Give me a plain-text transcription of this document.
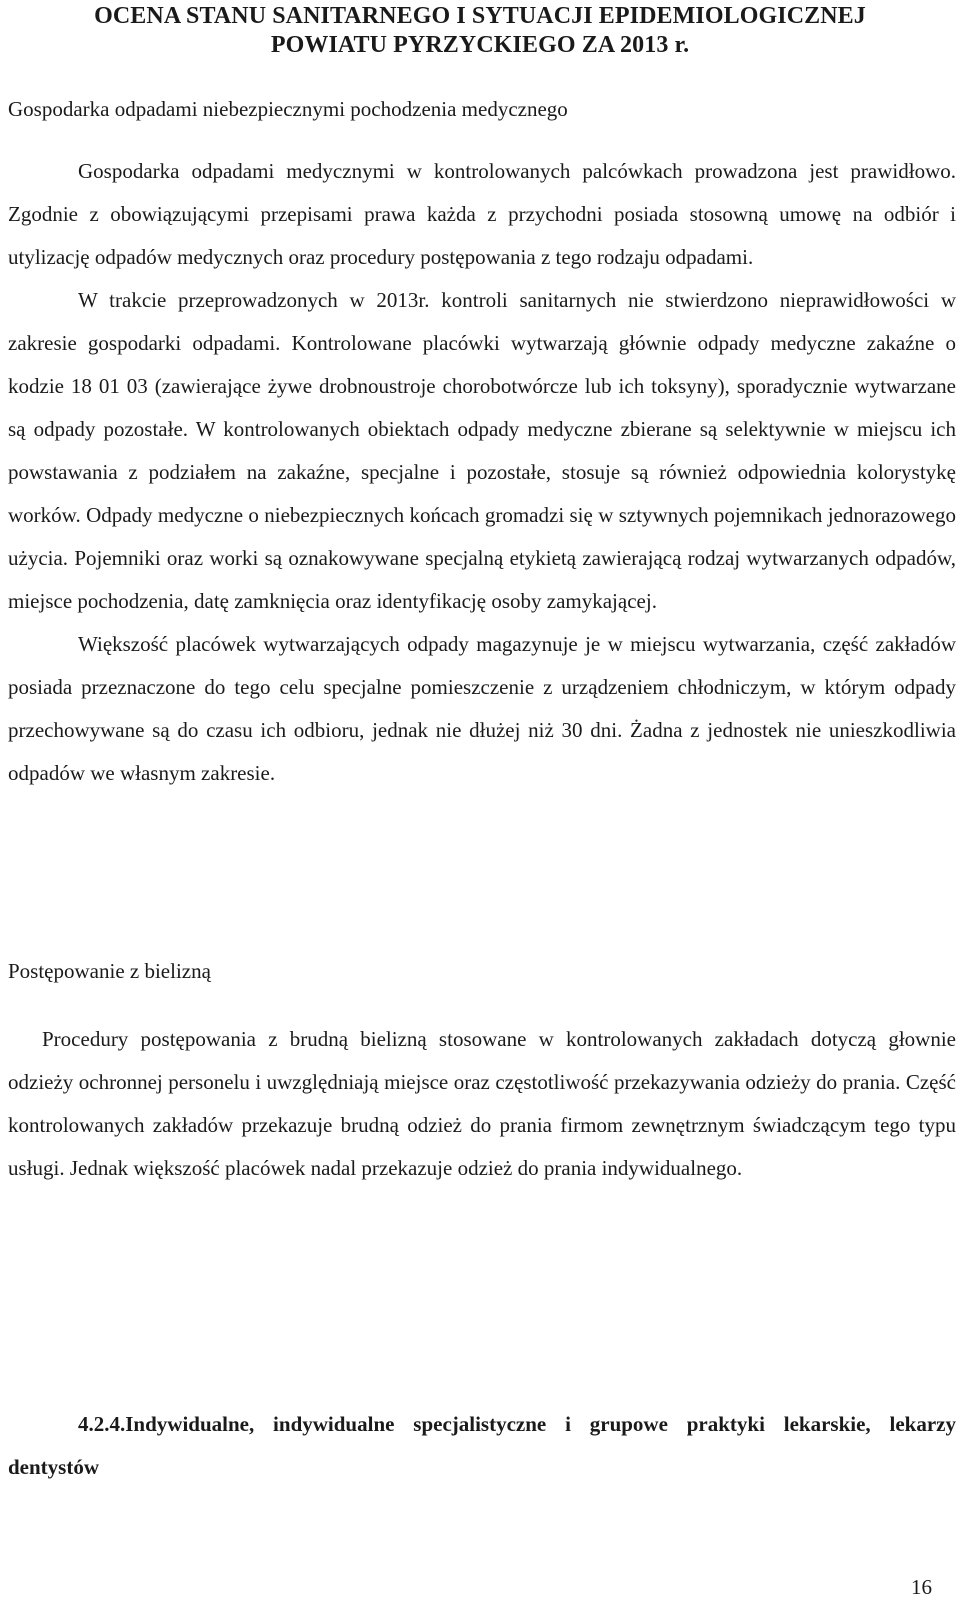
OCENA STANU SANITARNEGO I SYTUACJI EPIDEMIOLOGICZNEJ
POWIATU PYRZYCKIEGO ZA 2013 r.
Gospodarka odpadami niebezpiecznymi pochodzenia medycznego

Gospodarka odpadami medycznymi w kontrolowanych palcówkach prowadzona jest prawidłowo. Zgodnie z obowiązującymi przepisami prawa każda z przychodni posiada stosowną umowę na odbiór i utylizację odpadów medycznych oraz procedury postępowania z tego rodzaju odpadami.

W trakcie przeprowadzonych w 2013r. kontroli sanitarnych nie stwierdzono nieprawidłowości w zakresie gospodarki odpadami. Kontrolowane placówki wytwarzają głównie odpady medyczne zakaźne o kodzie 18 01 03 (zawierające żywe drobnoustroje chorobotwórcze lub ich toksyny), sporadycznie wytwarzane są odpady pozostałe. W kontrolowanych obiektach odpady medyczne zbierane są selektywnie w miejscu ich powstawania z podziałem na zakaźne, specjalne i pozostałe, stosuje są również odpowiednia kolorystykę worków. Odpady medyczne o niebezpiecznych końcach gromadzi się w sztywnych pojemnikach jednorazowego użycia. Pojemniki oraz worki są oznakowywane specjalną etykietą zawierającą rodzaj wytwarzanych odpadów, miejsce pochodzenia, datę zamknięcia oraz identyfikację osoby zamykającej.

Większość placówek wytwarzających odpady magazynuje je w miejscu wytwarzania, część zakładów posiada przeznaczone do tego celu specjalne pomieszczenie z urządzeniem chłodniczym, w którym odpady przechowywane są do czasu ich odbioru, jednak nie dłużej niż 30 dni. Żadna z jednostek nie unieszkodliwia odpadów we własnym zakresie.

Postępowanie z bielizną

Procedury postępowania z brudną bielizną stosowane w kontrolowanych zakładach dotyczą głownie odzieży ochronnej personelu i uwzględniają miejsce oraz częstotliwość przekazywania odzieży do prania. Część kontrolowanych zakładów przekazuje brudną odzież do prania firmom zewnętrznym świadczącym tego typu usługi. Jednak większość placówek nadal przekazuje odzież do prania indywidualnego.

4.2.4.Indywidualne, indywidualne specjalistyczne i grupowe praktyki lekarskie, lekarzy dentystów

16
